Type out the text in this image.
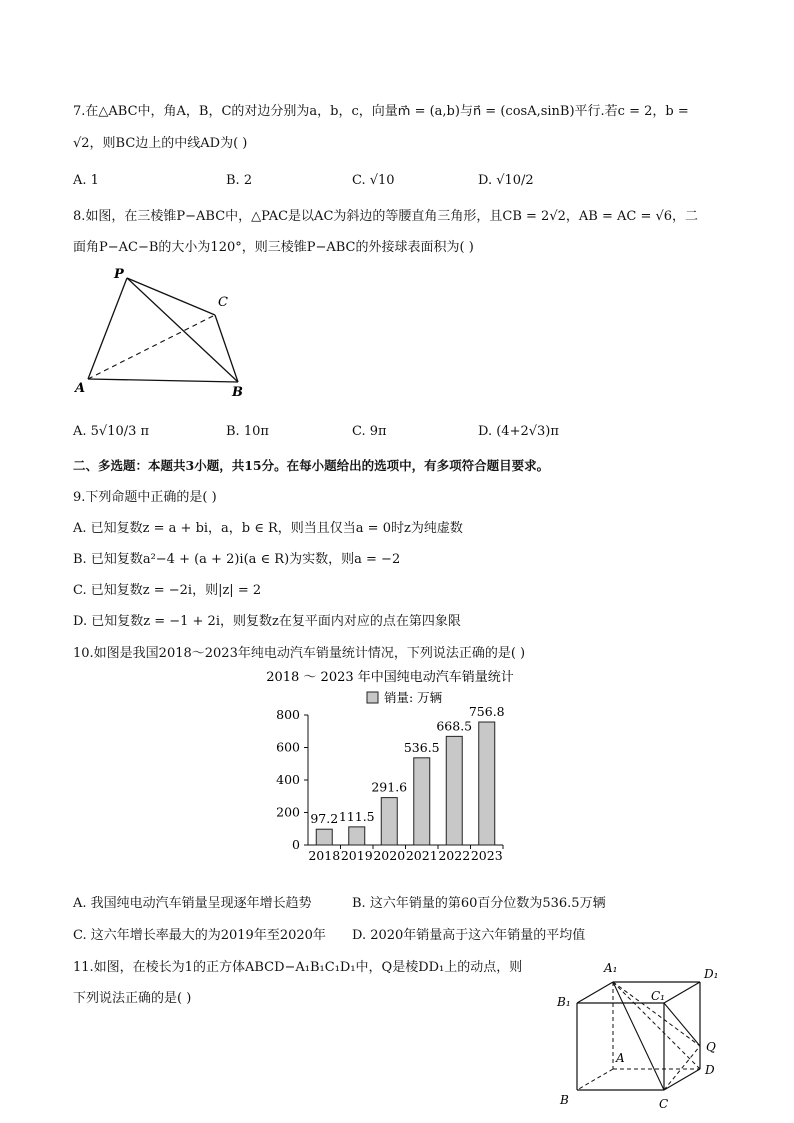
7.在△ABC中，角A，B，C的对边分别为a，b，c，向量m⃗ = (a,b)与n⃗ = (cosA,sinB)平行.若c = 2，b =
√2，则BC边上的中线AD为( )
A. 1	B. 2	C. √10	D. √10/2
8.如图，在三棱锥P−ABC中，△PAC是以AC为斜边的等腰直角三角形，且CB = 2√2，AB = AC = √6，二
面角P−AC−B的大小为120°，则三棱锥P−ABC的外接球表面积为( )
P
C
A	B
A. 5√10/3 π	B. 10π	C. 9π	D. (4+2√3)π
二、多选题：本题共3小题，共15分。在每小题给出的选项中，有多项符合题目要求。
9.下列命题中正确的是( )
A. 已知复数z = a + bi，a，b ∈ R，则当且仅当a = 0时z为纯虚数
B. 已知复数a²−4 + (a + 2)i(a ∈ R)为实数，则a = −2
C. 已知复数z = −2i，则|z| = 2
D. 已知复数z = −1 + 2i，则复数z在复平面内对应的点在第四象限
10.如图是我国2018～2023年纯电动汽车销量统计情况，下列说法正确的是( )
2018 ～ 2023 年中国纯电动汽车销量统计
销量: 万辆
0
200
400
600
800
2018 2019 2020 2021 2022 2023
97.2 111.5
291.6
536.5
668.5
756.8
A. 我国纯电动汽车销量呈现逐年增长趋势	B. 这六年销量的第60百分位数为536.5万辆
C. 这六年增长率最大的为2019年至2020年 D. 2020年销量高于这六年销量的平均值
11.如图，在棱长为1的正方体ABCD−A₁B₁C₁D₁中，Q是棱DD₁上的动点，则
下列说法正确的是( )
A₁	D₁
B₁	C₁
Q
A
D
B	C
